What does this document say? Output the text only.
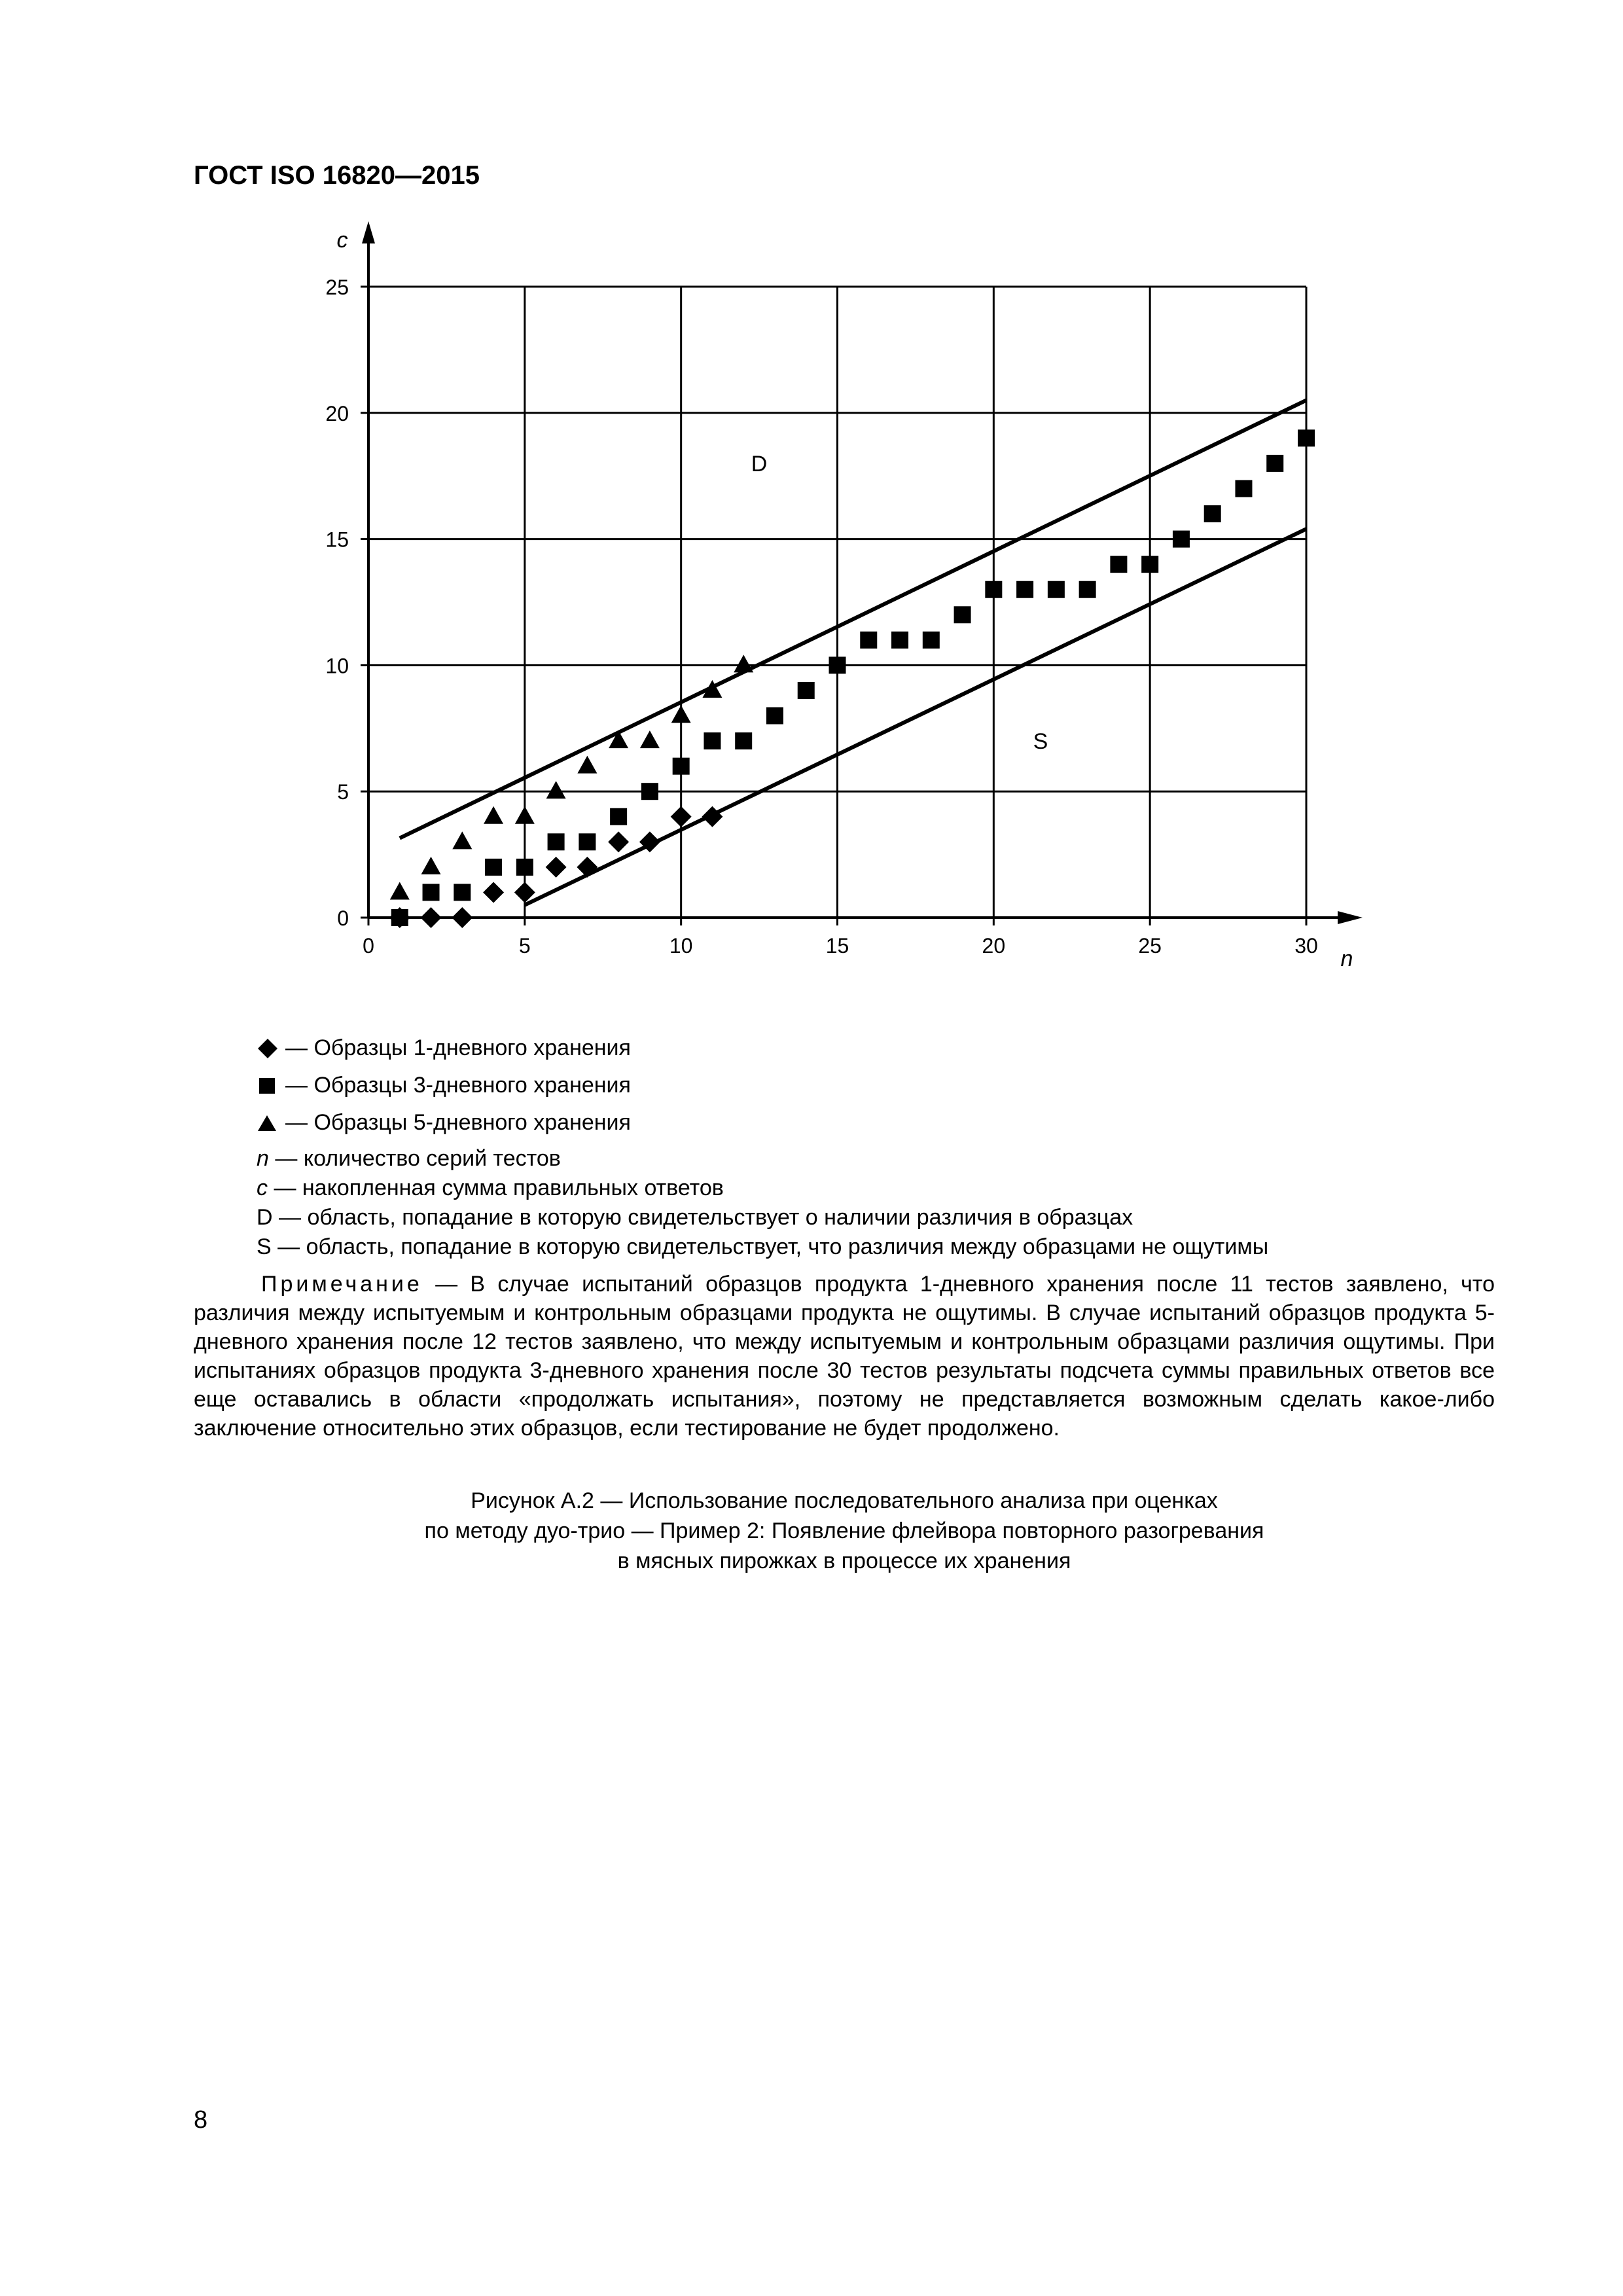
ГОСТ ISO 16820—2015
c
n
0	5	10	15	20	25	30
0
5
10
15
20
25
D
S
— Образцы 1-дневного хранения
— Образцы 3-дневного хранения
— Образцы 5-дневного хранения
n — количество серий тестов
c — накопленная сумма правильных ответов
D — область, попадание в которую свидетельствует о наличии различия в образцах
S — область, попадание в которую свидетельствует, что различия между образцами не ощутимы

Примечание — В случае испытаний образцов продукта 1-дневного хранения после 11 тестов заявлено, что различия между испытуемым и контрольным образцами продукта не ощутимы. В случае испытаний образцов продукта 5-дневного хранения после 12 тестов заявлено, что между испытуемым и контрольным образцами различия ощутимы. При испытаниях образцов продукта 3-дневного хранения после 30 тестов результаты подсчета суммы правильных ответов все еще оставались в области «продолжать испытания», поэтому не представляется возможным сделать какое-либо заключение относительно этих образцов, если тестирование не будет продолжено.

Рисунок А.2 — Использование последовательного анализа при оценках
по методу дуо-трио — Пример 2: Появление флейвора повторного разогревания
в мясных пирожках в процессе их хранения
8
